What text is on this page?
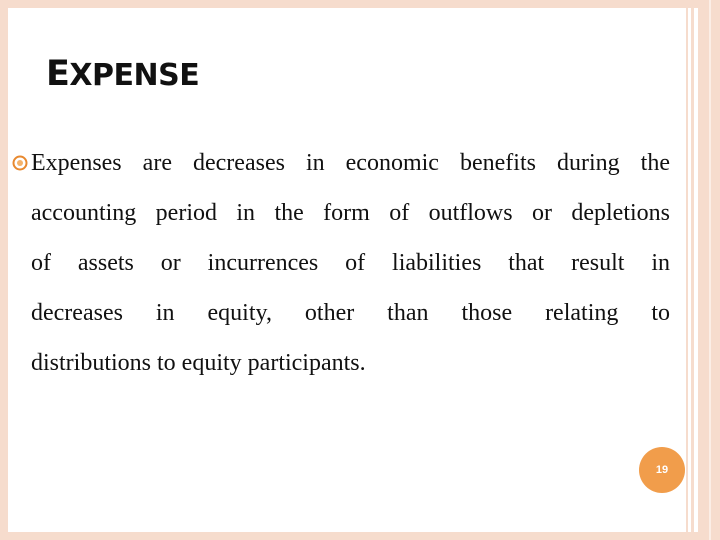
EXPENSE
Expenses are decreases in economic benefits during the
accounting period in the form of outflows or depletions
of assets or incurrences of liabilities that result in
decreases in equity, other than those relating to
distributions to equity participants.
19
